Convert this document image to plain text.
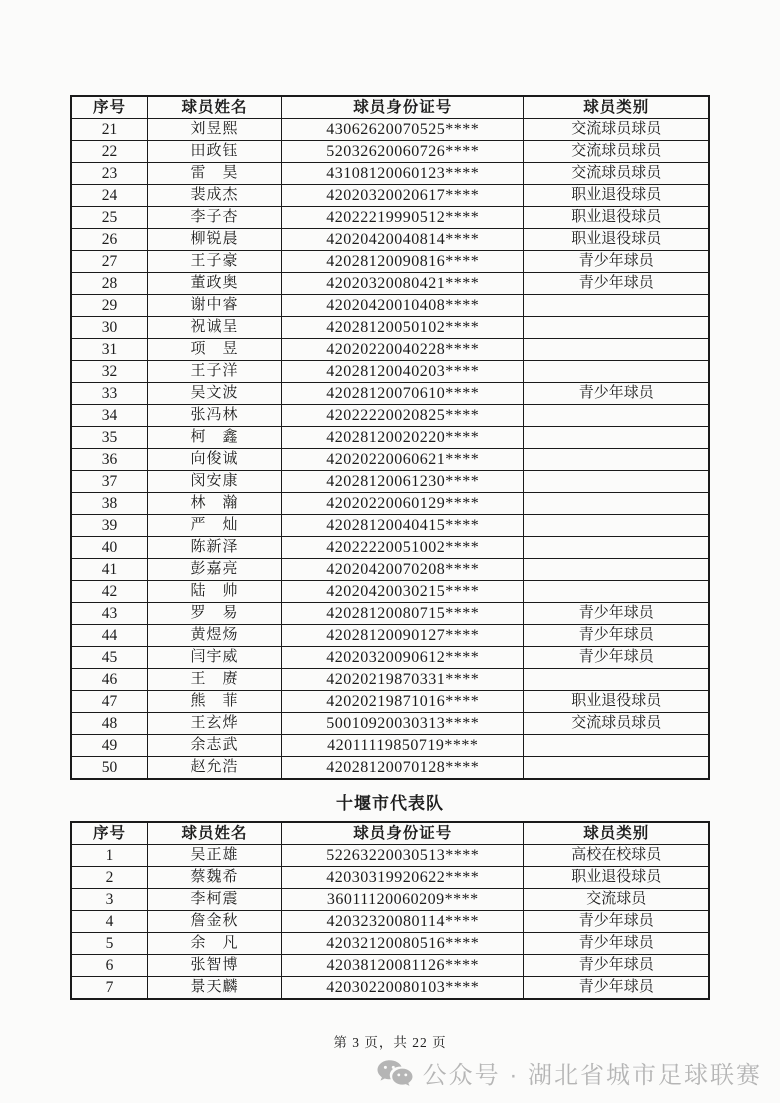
序号	球员姓名	球员身份证号	球员类别
21	刘昱熙	43062620070525****	交流球员球员
22	田政钰	52032620060726****	交流球员球员
23	雷　昊	43108120060123****	交流球员球员
24	裴成杰	42020320020617****	职业退役球员
25	李子杏	42022219990512****	职业退役球员
26	柳锐晨	42020420040814****	职业退役球员
27	王子豪	42028120090816****	青少年球员
28	董政奥	42020320080421****	青少年球员
29	谢中睿	42020420010408****	
30	祝诚呈	42028120050102****	
31	项　昱	42020220040228****	
32	王子洋	42028120040203****	
33	吴文波	42028120070610****	青少年球员
34	张冯林	42022220020825****	
35	柯　鑫	42028120020220****	
36	向俊诚	42020220060621****	
37	闵安康	42028120061230****	
38	林　瀚	42020220060129****	
39	严　灿	42028120040415****	
40	陈新泽	42022220051002****	
41	彭嘉亮	42020420070208****	
42	陆　帅	42020420030215****	
43	罗　易	42028120080715****	青少年球员
44	黄煜炀	42028120090127****	青少年球员
45	闫宇威	42020320090612****	青少年球员
46	王　赓	42020219870331****	
47	熊　菲	42020219871016****	职业退役球员
48	王玄烨	50010920030313****	交流球员球员
49	余志武	42011119850719****	
50	赵允浩	42028120070128****	
十堰市代表队
序号	球员姓名	球员身份证号	球员类别
1	吴正雄	52263220030513****	高校在校球员
2	蔡魏希	42030319920622****	职业退役球员
3	李柯震	36011120060209****	交流球员
4	詹金秋	42032320080114****	青少年球员
5	余　凡	42032120080516****	青少年球员
6	张智博	42038120081126****	青少年球员
7	景天麟	42030220080103****	青少年球员
第 3 页，共 22 页
公众号 · 湖北省城市足球联赛
